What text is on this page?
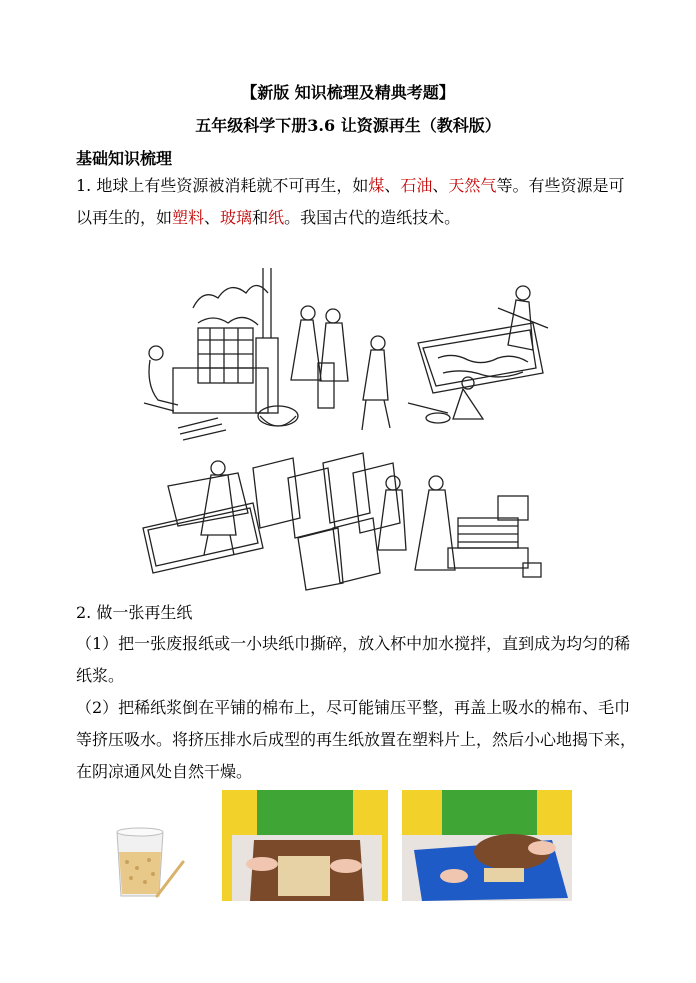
【新版 知识梳理及精典考题】
五年级科学下册3.6 让资源再生（教科版）
基础知识梳理
1. 地球上有些资源被消耗就不可再生，如煤、石油、天然气等。有些资源是可以再生的，如塑料、玻璃和纸。我国古代的造纸技术。
2. 做一张再生纸
（1）把一张废报纸或一小块纸巾撕碎，放入杯中加水搅拌，直到成为均匀的稀纸浆。
（2）把稀纸浆倒在平铺的棉布上，尽可能铺压平整，再盖上吸水的棉布、毛巾等挤压吸水。将挤压排水后成型的再生纸放置在塑料片上，然后小心地揭下来，在阴凉通风处自然干燥。
